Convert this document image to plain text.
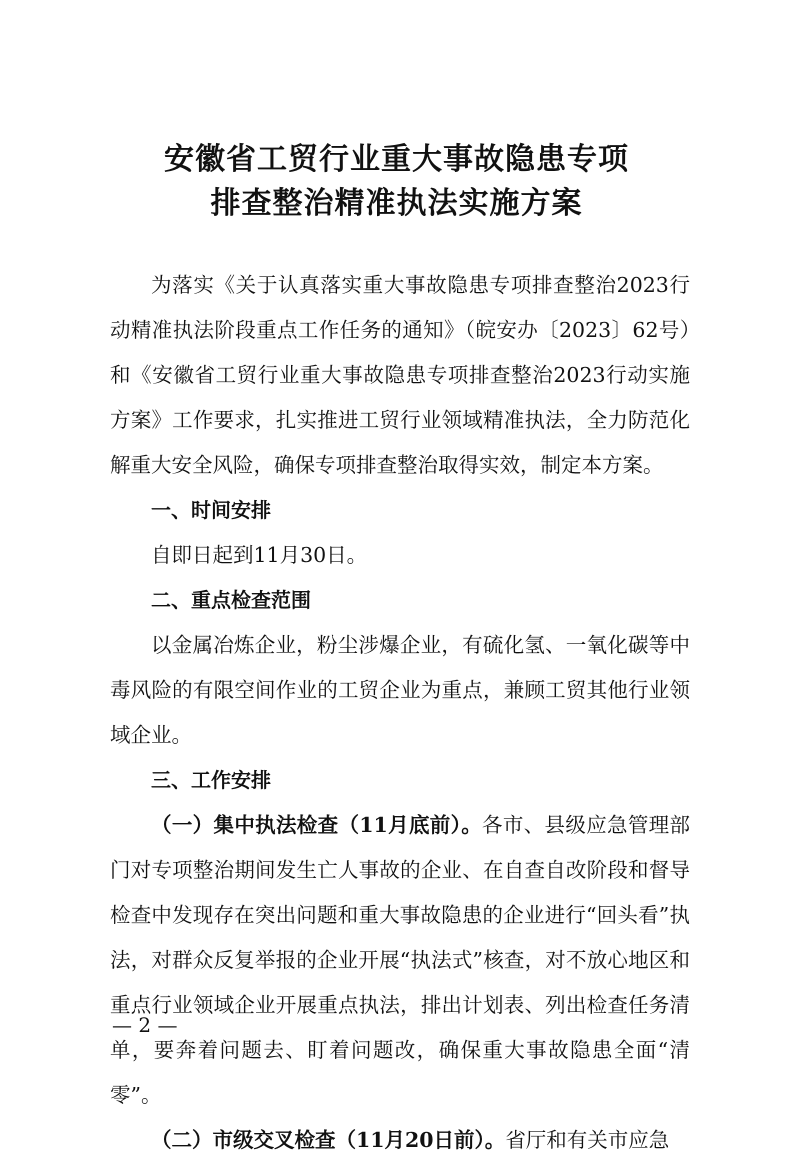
安徽省工贸行业重大事故隐患专项
排查整治精准执法实施方案

为落实《关于认真落实重大事故隐患专项排查整治2023行动精准执法阶段重点工作任务的通知》（皖安办〔2023〕62号）和《安徽省工贸行业重大事故隐患专项排查整治2023行动实施方案》工作要求，扎实推进工贸行业领域精准执法，全力防范化解重大安全风险，确保专项排查整治取得实效，制定本方案。

一、时间安排

自即日起到11月30日。

二、重点检查范围

以金属冶炼企业，粉尘涉爆企业，有硫化氢、一氧化碳等中毒风险的有限空间作业的工贸企业为重点，兼顾工贸其他行业领域企业。

三、工作安排

（一）集中执法检查（11月底前）。各市、县级应急管理部门对专项整治期间发生亡人事故的企业、在自查自改阶段和督导检查中发现存在突出问题和重大事故隐患的企业进行“回头看”执法，对群众反复举报的企业开展“执法式”核查，对不放心地区和重点行业领域企业开展重点执法，排出计划表、列出检查任务清单，要奔着问题去、盯着问题改，确保重大事故隐患全面“清零”。

（二）市级交叉检查（11月20日前）。省厅和有关市应急

— 2 —
